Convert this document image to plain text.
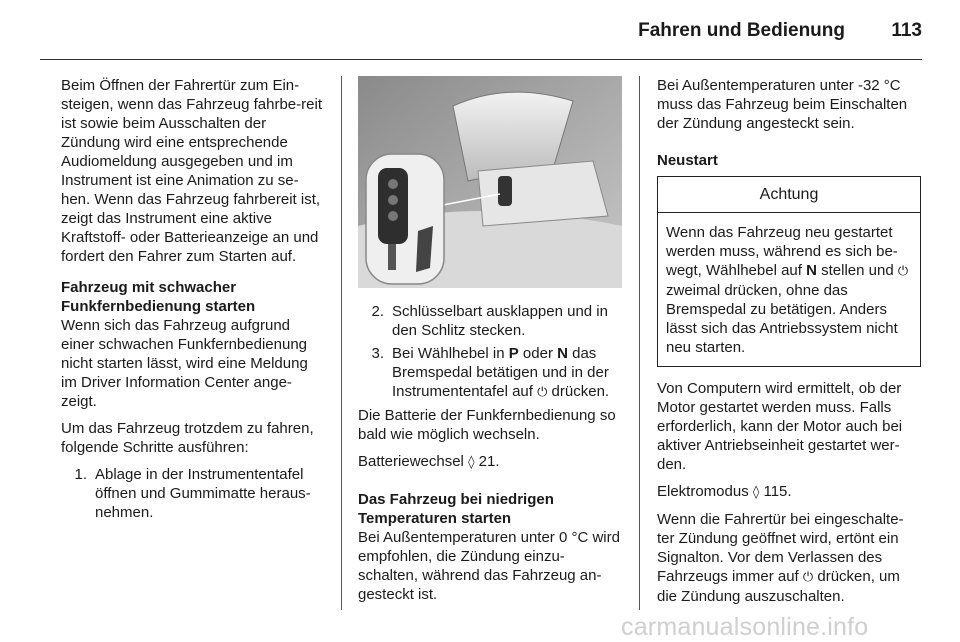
Fahren und Bedienung	113

Beim Öffnen der Fahrertür zum Ein-steigen, wenn das Fahrzeug fahrbe-reit ist sowie beim Ausschalten der Zündung wird eine entsprechende Audiomeldung ausgegeben und im Instrument ist eine Animation zu se-hen. Wenn das Fahrzeug fahrbereit ist, zeigt das Instrument eine aktive Kraftstoff- oder Batterieanzeige an und fordert den Fahrer zum Starten auf.

Fahrzeug mit schwacher Funkfernbedienung starten

Wenn sich das Fahrzeug aufgrund einer schwachen Funkfernbedienung nicht starten lässt, wird eine Meldung im Driver Information Center ange-zeigt.

Um das Fahrzeug trotzdem zu fahren, folgende Schritte ausführen:

1. Ablage in der Instrumententafel öffnen und Gummimatte heraus-nehmen.
2. Schlüsselbart ausklappen und in den Schlitz stecken.
3. Bei Wählhebel in P oder N das Bremspedal betätigen und in der Instrumententafel auf ⏻ drücken.

Die Batterie der Funkfernbedienung so bald wie möglich wechseln.

Batteriewechsel ◊ 21.

Das Fahrzeug bei niedrigen Temperaturen starten

Bei Außentemperaturen unter 0 °C wird empfohlen, die Zündung einzu-schalten, während das Fahrzeug an-gesteckt ist.

Bei Außentemperaturen unter -32 °C muss das Fahrzeug beim Einschalten der Zündung angesteckt sein.

Neustart
Achtung
Wenn das Fahrzeug neu gestartet werden muss, während es sich be-wegt, Wählhebel auf N stellen und ⏻ zweimal drücken, ohne das Bremspedal zu betätigen. Anders lässt sich das Antriebssystem nicht neu starten.

Von Computern wird ermittelt, ob der Motor gestartet werden muss. Falls erforderlich, kann der Motor auch bei aktiver Antriebseinheit gestartet wer-den.

Elektromodus ◊ 115.

Wenn die Fahrertür bei eingeschalte-ter Zündung geöffnet wird, ertönt ein Signalton. Vor dem Verlassen des Fahrzeugs immer auf ⏻ drücken, um die Zündung auszuschalten.

carmanualsonline.info
